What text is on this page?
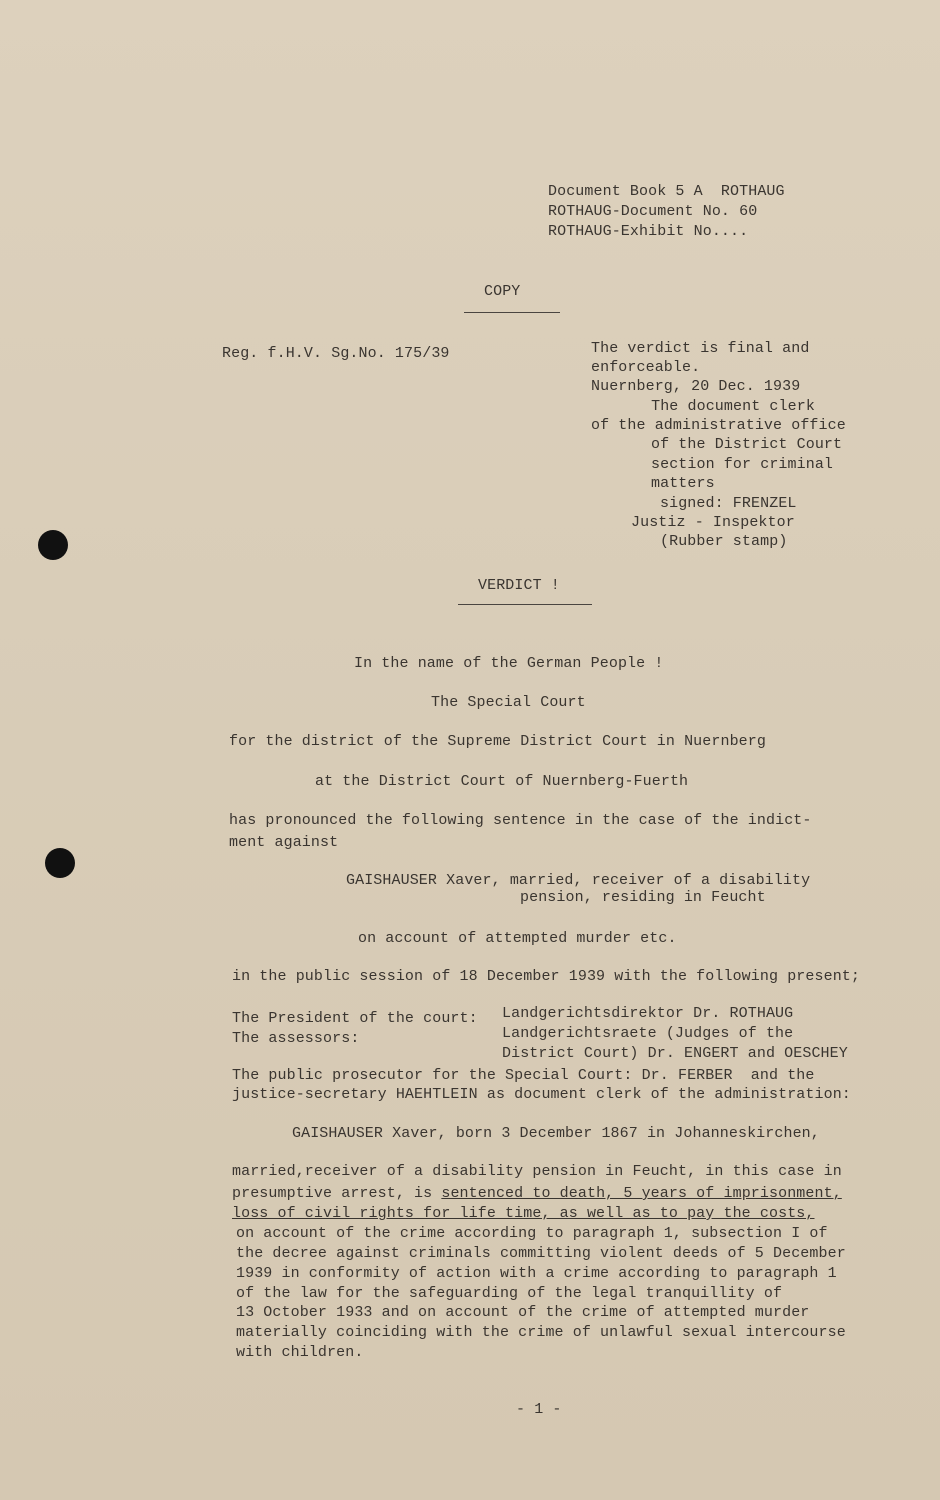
Document Book 5 A  ROTHAUG
ROTHAUG-Document No. 60
ROTHAUG-Exhibit No....
COPY
Reg. f.H.V. Sg.No. 175/39	The verdict is final and
enforceable.
Nuernberg, 20 Dec. 1939
The document clerk
of the administrative office
of the District Court
section for criminal
matters
signed: FRENZEL
Justiz - Inspektor
(Rubber stamp)
VERDICT !
In the name of the German People !
The Special Court
for the district of the Supreme District Court in Nuernberg
at the District Court of Nuernberg-Fuerth
has pronounced the following sentence in the case of the indict-
ment against
GAISHAUSER Xaver, married, receiver of a disability
pension, residing in Feucht
on account of attempted murder etc.
in the public session of 18 December 1939 with the following present;
The President of the court: Landgerichtsdirektor Dr. ROTHAUG
The assessors:	Landgerichtsraete (Judges of the
District Court) Dr. ENGERT and OESCHEY
The public prosecutor for the Special Court: Dr. FERBER  and the
justice-secretary HAEHTLEIN as document clerk of the administration:
GAISHAUSER Xaver, born 3 December 1867 in Johanneskirchen,
married,receiver of a disability pension in Feucht, in this case in
presumptive arrest, is sentenced to death, 5 years of imprisonment,
loss of civil rights for life time, as well as to pay the costs,
on account of the crime according to paragraph 1, subsection I of
the decree against criminals committing violent deeds of 5 December
1939 in conformity of action with a crime according to paragraph 1
of the law for the safeguarding of the legal tranquillity of
13 October 1933 and on account of the crime of attempted murder
materially coinciding with the crime of unlawful sexual intercourse
with children.
- 1 -
